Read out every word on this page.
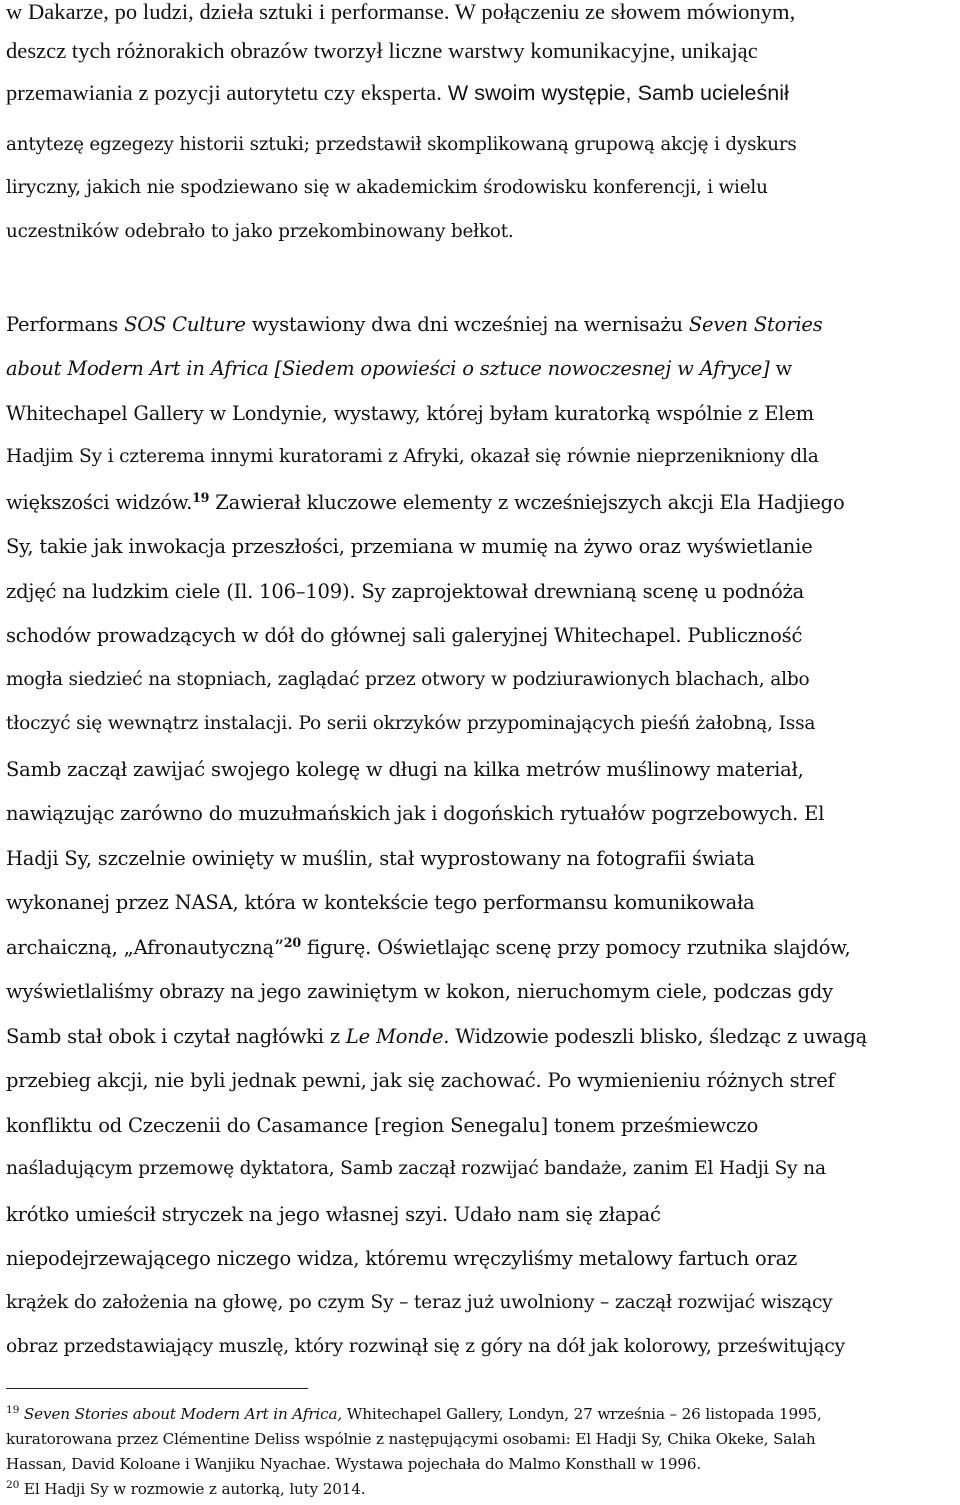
w Dakarze, po ludzi, dzieła sztuki i performanse. W połączeniu ze słowem mówionym,
deszcz tych różnorakich obrazów tworzył liczne warstwy komunikacyjne, unikając
przemawiania z pozycji autorytetu czy eksperta. W swoim występie, Samb ucieleśnił
antytezę egzegezy historii sztuki; przedstawił skomplikowaną grupową akcję i dyskurs
liryczny, jakich nie spodziewano się w akademickim środowisku konferencji, i wielu
uczestników odebrało to jako przekombinowany bełkot.
Performans SOS Culture wystawiony dwa dni wcześniej na wernisażu Seven Stories
about Modern Art in Africa [Siedem opowieści o sztuce nowoczesnej w Afryce] w
Whitechapel Gallery w Londynie, wystawy, której byłam kuratorką wspólnie z Elem
Hadjim Sy i czterema innymi kuratorami z Afryki, okazał się równie nieprzenikniony dla
większości widzów.$^{19}$ Zawierał kluczowe elementy z wcześniejszych akcji Ela Hadjiego
Sy, takie jak inwokacja przeszłości, przemiana w mumię na żywo oraz wyświetlanie
zdjęć na ludzkim ciele (Il. 106–109). Sy zaprojektował drewnianą scenę u podnóża
schodów prowadzących w dół do głównej sali galeryjnej Whitechapel. Publiczność
mogła siedzieć na stopniach, zaglądać przez otwory w podziurawionych blachach, albo
tłoczyć się wewnątrz instalacji. Po serii okrzyków przypominających pieśń żałobną, Issa
Samb zaczął zawijać swojego kolegę w długi na kilka metrów muślinowy materiał,
nawiązując zarówno do muzułmańskich jak i dogońskich rytuałów pogrzebowych. El
Hadji Sy, szczelnie owinięty w muślin, stał wyprostowany na fotografii świata
wykonanej przez NASA, która w kontekście tego performansu komunikowała
archaiczną, „Afronautyczną”$^{20}$ figurę. Oświetlając scenę przy pomocy rzutnika slajdów,
wyświetlaliśmy obrazy na jego zawiniętym w kokon, nieruchomym ciele, podczas gdy
Samb stał obok i czytał nagłówki z Le Monde. Widzowie podeszli blisko, śledząc z uwagą
przebieg akcji, nie byli jednak pewni, jak się zachować. Po wymienieniu różnych stref
konfliktu od Czeczenii do Casamance [region Senegalu] tonem prześmiewczo
naśladującym przemowę dyktatora, Samb zaczął rozwijać bandaże, zanim El Hadji Sy na
krótko umieścił stryczek na jego własnej szyi. Udało nam się złapać
niepodejrzewającego niczego widza, któremu wręczyliśmy metalowy fartuch oraz
krążek do założenia na głowę, po czym Sy – teraz już uwolniony – zaczął rozwijać wiszący
obraz przedstawiający muszlę, który rozwinął się z góry na dół jak kolorowy, prześwitujący
$^{19}$ Seven Stories about Modern Art in Africa, Whitechapel Gallery, Londyn, 27 września – 26 listopada 1995,
kuratorowana przez Clémentine Deliss wspólnie z następującymi osobami: El Hadji Sy, Chika Okeke, Salah
Hassan, David Koloane i Wanjiku Nyachae. Wystawa pojechała do Malmo Konsthall w 1996.
$^{20}$ El Hadji Sy w rozmowie z autorką, luty 2014.
